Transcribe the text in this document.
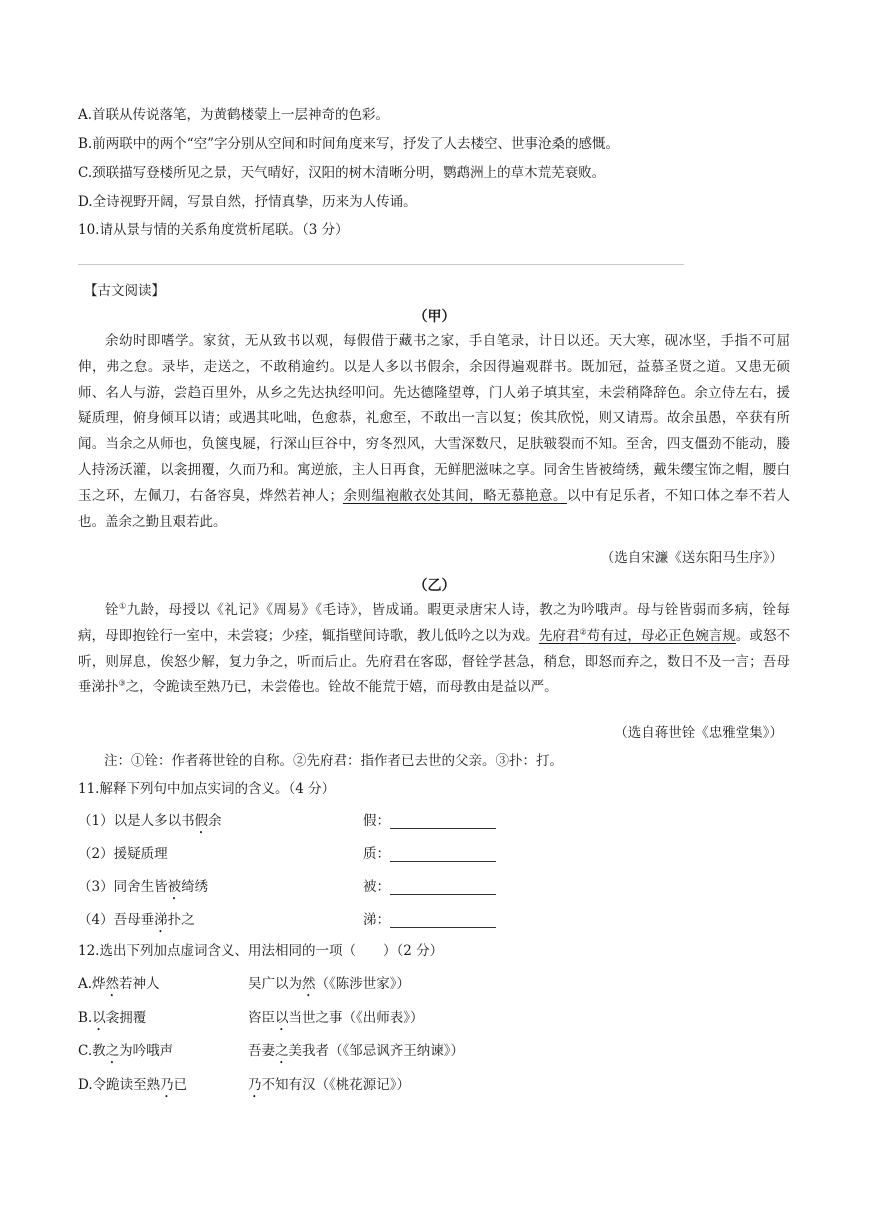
A.首联从传说落笔，为黄鹤楼蒙上一层神奇的色彩。
B.前两联中的两个“空”字分别从空间和时间角度来写，抒发了人去楼空、世事沧桑的感慨。
C.颈联描写登楼所见之景，天气晴好，汉阳的树木清晰分明，鹦鹉洲上的草木荒芜衰败。
D.全诗视野开阔，写景自然，抒情真挚，历来为人传诵。
10.请从景与情的关系角度赏析尾联。（3 分）
【古文阅读】
（甲）

余幼时即嗜学。家贫，无从致书以观，每假借于藏书之家，手自笔录，计日以还。天大寒，砚冰坚，手指不可屈伸，弗之怠。录毕，走送之，不敢稍逾约。以是人多以书假余，余因得遍观群书。既加冠，益慕圣贤之道。又患无硕师、名人与游，尝趋百里外，从乡之先达执经叩问。先达德隆望尊，门人弟子填其室，未尝稍降辞色。余立侍左右，援疑质理，俯身倾耳以请；或遇其叱咄，色愈恭，礼愈至，不敢出一言以复；俟其欣悦，则又请焉。故余虽愚，卒获有所闻。当余之从师也，负箧曳屣，行深山巨谷中，穷冬烈风，大雪深数尺，足肤皲裂而不知。至舍，四支僵劲不能动，媵人持汤沃灌，以衾拥覆，久而乃和。寓逆旅，主人日再食，无鲜肥滋味之享。同舍生皆被绮绣，戴朱缨宝饰之帽，腰白玉之环，左佩刀，右备容臭，烨然若神人；余则缊袍敝衣处其间，略无慕艳意。以中有足乐者，不知口体之奉不若人也。盖余之勤且艰若此。

（选自宋濂《送东阳马生序》）
（乙）

铨①九龄，母授以《礼记》《周易》《毛诗》，皆成诵。暇更录唐宋人诗，教之为吟哦声。母与铨皆弱而多病，铨每病，母即抱铨行一室中，未尝寝；少痊，辄指壁间诗歌，教儿低吟之以为戏。先府君②苟有过，母必正色婉言规。或怒不听，则屏息，俟怒少解，复力争之，听而后止。先府君在客邸，督铨学甚急，稍怠，即怒而弃之，数日不及一言；吾母垂涕扑③之，令跪读至熟乃已，未尝倦也。铨故不能荒于嬉，而母教由是益以严。

（选自蒋世铨《忠雅堂集》）
注：①铨：作者蒋世铨的自称。②先府君：指作者已去世的父亲。③扑：打。
11.解释下列句中加点实词的含义。（4 分）
（1）以是人多以书假余	假：
（2）援疑质理	质：
（3）同舍生皆被绮绣	被：
（4）吾母垂涕扑之	涕：
12.选出下列加点虚词含义、用法相同的一项（　　）（2 分）
A.烨然若神人	吴广以为然（《陈涉世家》）
B.以衾拥覆	咨臣以当世之事（《出师表》）
C.教之为吟哦声	吾妻之美我者（《邹忌讽齐王纳谏》）
D.令跪读至熟乃已	乃不知有汉（《桃花源记》）
